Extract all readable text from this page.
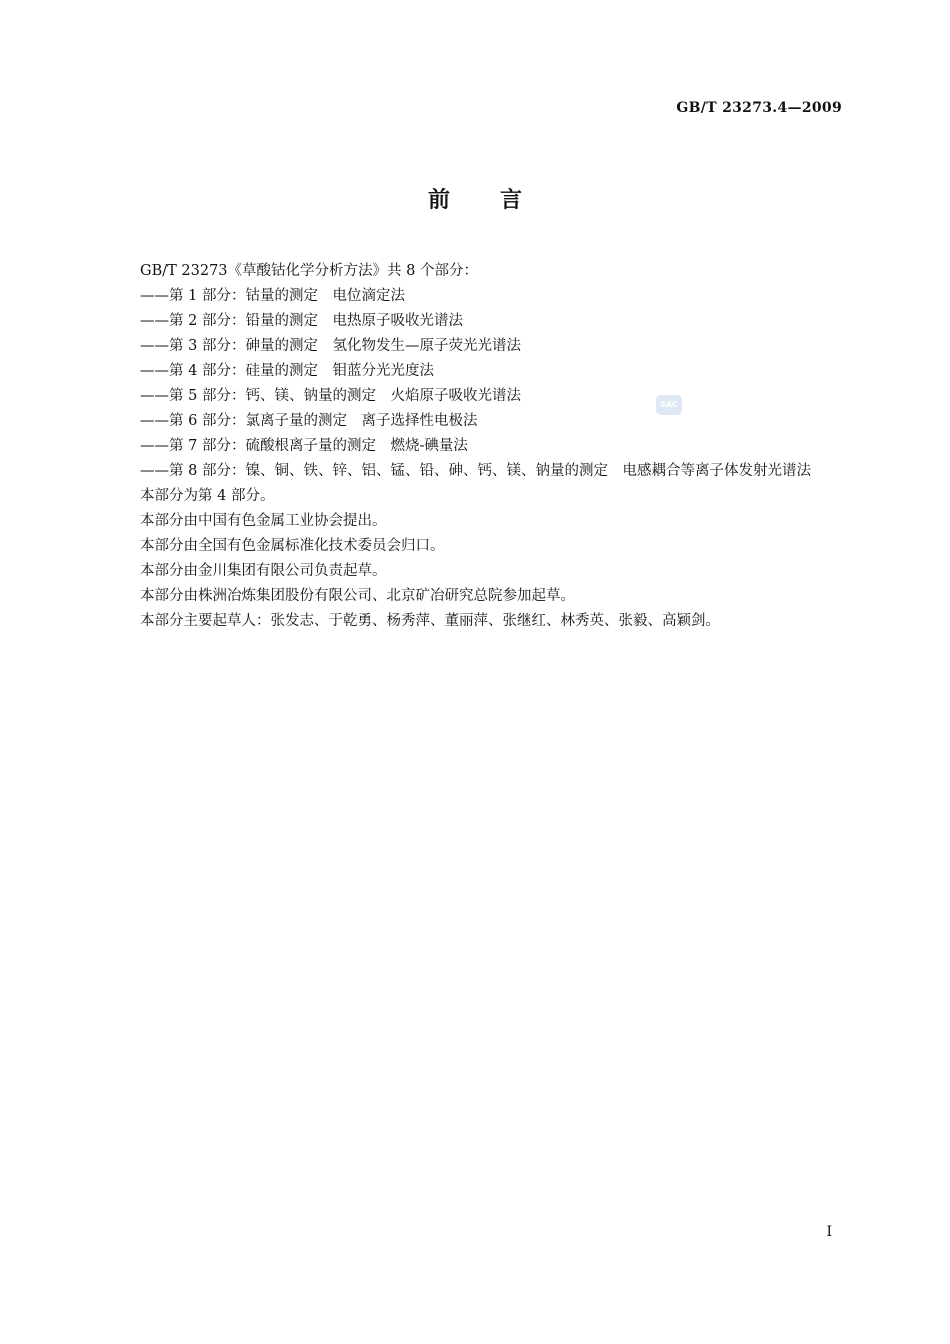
GB/T 23273.4—2009
前言
GB/T 23273《草酸钴化学分析方法》共 8 个部分：
——第 1 部分：钴量的测定　电位滴定法
——第 2 部分：铅量的测定　电热原子吸收光谱法
——第 3 部分：砷量的测定　氢化物发生—原子荧光光谱法
——第 4 部分：硅量的测定　钼蓝分光光度法
——第 5 部分：钙、镁、钠量的测定　火焰原子吸收光谱法
——第 6 部分：氯离子量的测定　离子选择性电极法
——第 7 部分：硫酸根离子量的测定　燃烧-碘量法
——第 8 部分：镍、铜、铁、锌、铝、锰、铅、砷、钙、镁、钠量的测定　电感耦合等离子体发射光谱法
本部分为第 4 部分。
本部分由中国有色金属工业协会提出。
本部分由全国有色金属标准化技术委员会归口。
本部分由金川集团有限公司负责起草。
本部分由株洲冶炼集团股份有限公司、北京矿冶研究总院参加起草。
本部分主要起草人：张发志、于乾勇、杨秀萍、董丽萍、张继红、林秀英、张毅、高颖剑。
SAC
I
